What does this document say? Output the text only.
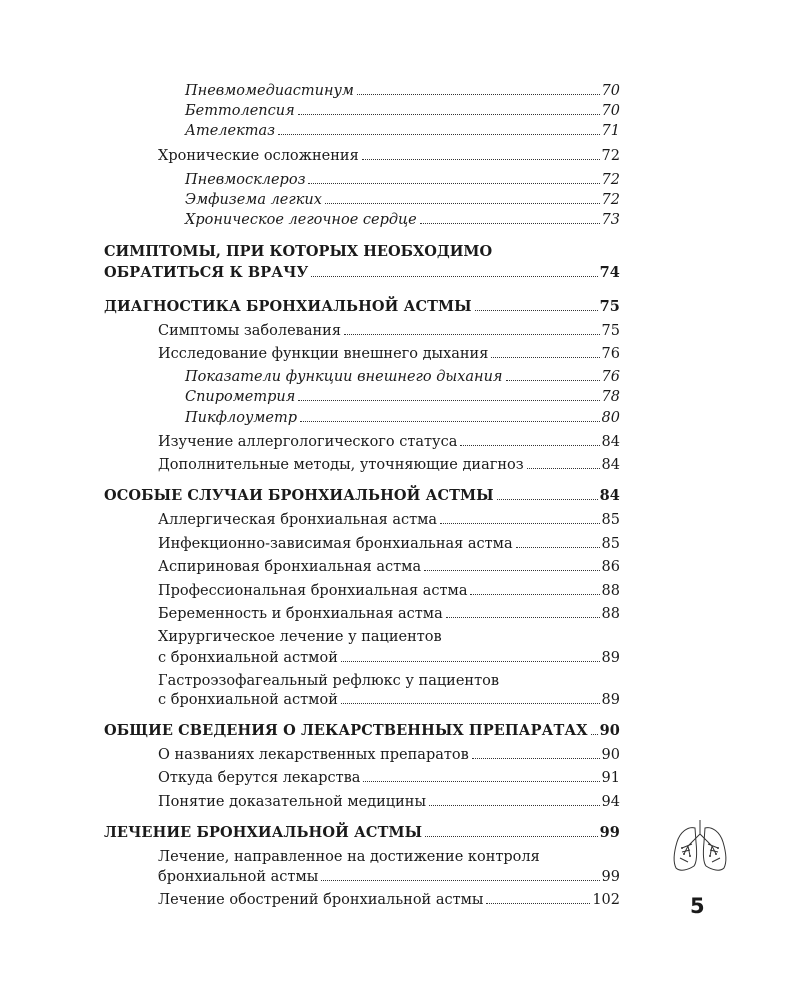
Пневмомедиастинум	70
Беттолепсия	70
Ателектаз	71
Хронические осложнения	72
Пневмосклероз	72
Эмфизема легких	72
Хроническое легочное сердце	73
СИМПТОМЫ, ПРИ КОТОРЫХ НЕОБХОДИМО
ОБРАТИТЬСЯ К ВРАЧУ	74
ДИАГНОСТИКА БРОНХИАЛЬНОЙ АСТМЫ	75
Симптомы заболевания	75
Исследование функции внешнего дыхания	76
Показатели функции внешнего дыхания	76
Спирометрия	78
Пикфлоуметр	80
Изучение аллергологического статуса	84
Дополнительные методы, уточняющие диагноз	84
ОСОБЫЕ СЛУЧАИ БРОНХИАЛЬНОЙ АСТМЫ	84
Аллергическая бронхиальная астма	85
Инфекционно-зависимая бронхиальная астма	85
Аспириновая бронхиальная астма	86
Профессиональная бронхиальная астма	88
Беременность и бронхиальная астма	88
Хирургическое лечение у пациентов
с бронхиальной астмой	89
Гастроэзофагеальный рефлюкс у пациентов
с бронхиальной астмой	89
ОБЩИЕ СВЕДЕНИЯ О ЛЕКАРСТВЕННЫХ ПРЕПАРАТАХ 90
О названиях лекарственных препаратов	90
Откуда берутся лекарства	91
Понятие доказательной медицины	94
ЛЕЧЕНИЕ БРОНХИАЛЬНОЙ АСТМЫ	99
Лечение, направленное на достижение контроля
бронхиальной астмы	99
Лечение обострений бронхиальной астмы	102	5
